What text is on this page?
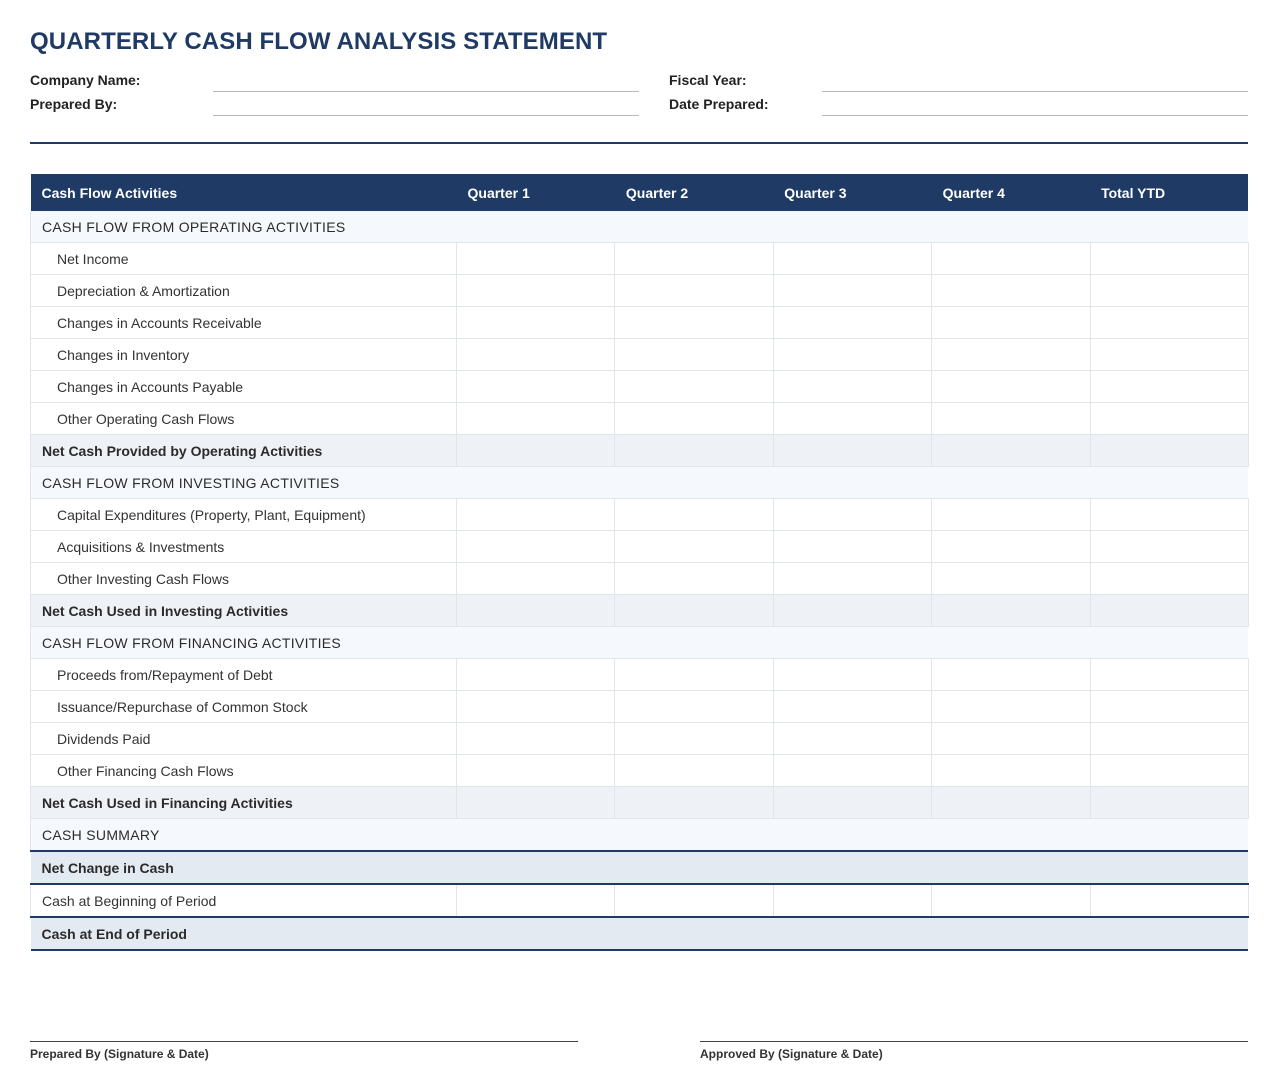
QUARTERLY CASH FLOW ANALYSIS STATEMENT
Company Name:
Prepared By:
Fiscal Year:
Date Prepared:
Cash Flow Activities	Quarter 1	Quarter 2	Quarter 3	Quarter 4	Total YTD
CASH FLOW FROM OPERATING ACTIVITIES					
Net Income					
Depreciation & Amortization					
Changes in Accounts Receivable					
Changes in Inventory					
Changes in Accounts Payable					
Other Operating Cash Flows					
Net Cash Provided by Operating Activities					
CASH FLOW FROM INVESTING ACTIVITIES					
Capital Expenditures (Property, Plant, Equipment)					
Acquisitions & Investments					
Other Investing Cash Flows					
Net Cash Used in Investing Activities					
CASH FLOW FROM FINANCING ACTIVITIES					
Proceeds from/Repayment of Debt					
Issuance/Repurchase of Common Stock					
Dividends Paid					
Other Financing Cash Flows					
Net Cash Used in Financing Activities					
CASH SUMMARY					
Net Change in Cash					
Cash at Beginning of Period					
Cash at End of Period					
Prepared By (Signature & Date)	Approved By (Signature & Date)
